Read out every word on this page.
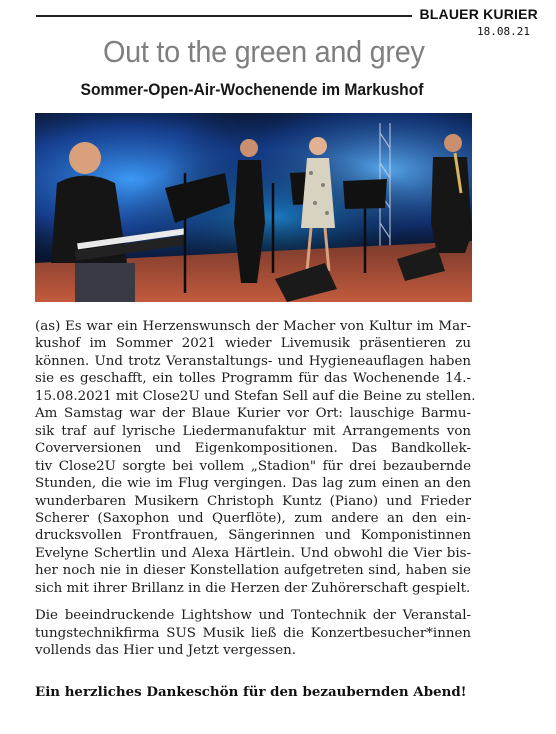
BLAUER KURIER
18.08.21
Out to the green and grey
Sommer-Open-Air-Wochenende im Markushof
(as) Es war ein Herzenswunsch der Macher von Kultur im Mar-
kushof im Sommer 2021 wieder Livemusik präsentieren zu
können. Und trotz Veranstaltungs- und Hygieneauflagen haben
sie es geschafft, ein tolles Programm für das Wochenende 14.-
15.08.2021 mit Close2U und Stefan Sell auf die Beine zu stellen.
Am Samstag war der Blaue Kurier vor Ort: lauschige Barmu-
sik traf auf lyrische Liedermanufaktur mit Arrangements von
Coverversionen und Eigenkompositionen. Das Bandkollek-
tiv Close2U sorgte bei vollem „Stadion" für drei bezaubernde
Stunden, die wie im Flug vergingen. Das lag zum einen an den
wunderbaren Musikern Christoph Kuntz (Piano) und Frieder
Scherer (Saxophon und Querflöte), zum andere an den ein-
drucksvollen Frontfrauen, Sängerinnen und Komponistinnen
Evelyne Schertlin und Alexa Härtlein. Und obwohl die Vier bis-
her noch nie in dieser Konstellation aufgetreten sind, haben sie
sich mit ihrer Brillanz in die Herzen der Zuhörerschaft gespielt.
Die beeindruckende Lightshow und Tontechnik der Veranstal-
tungstechnikfirma SUS Musik ließ die Konzertbesucher*innen
vollends das Hier und Jetzt vergessen.
Ein herzliches Dankeschön für den bezaubernden Abend!
